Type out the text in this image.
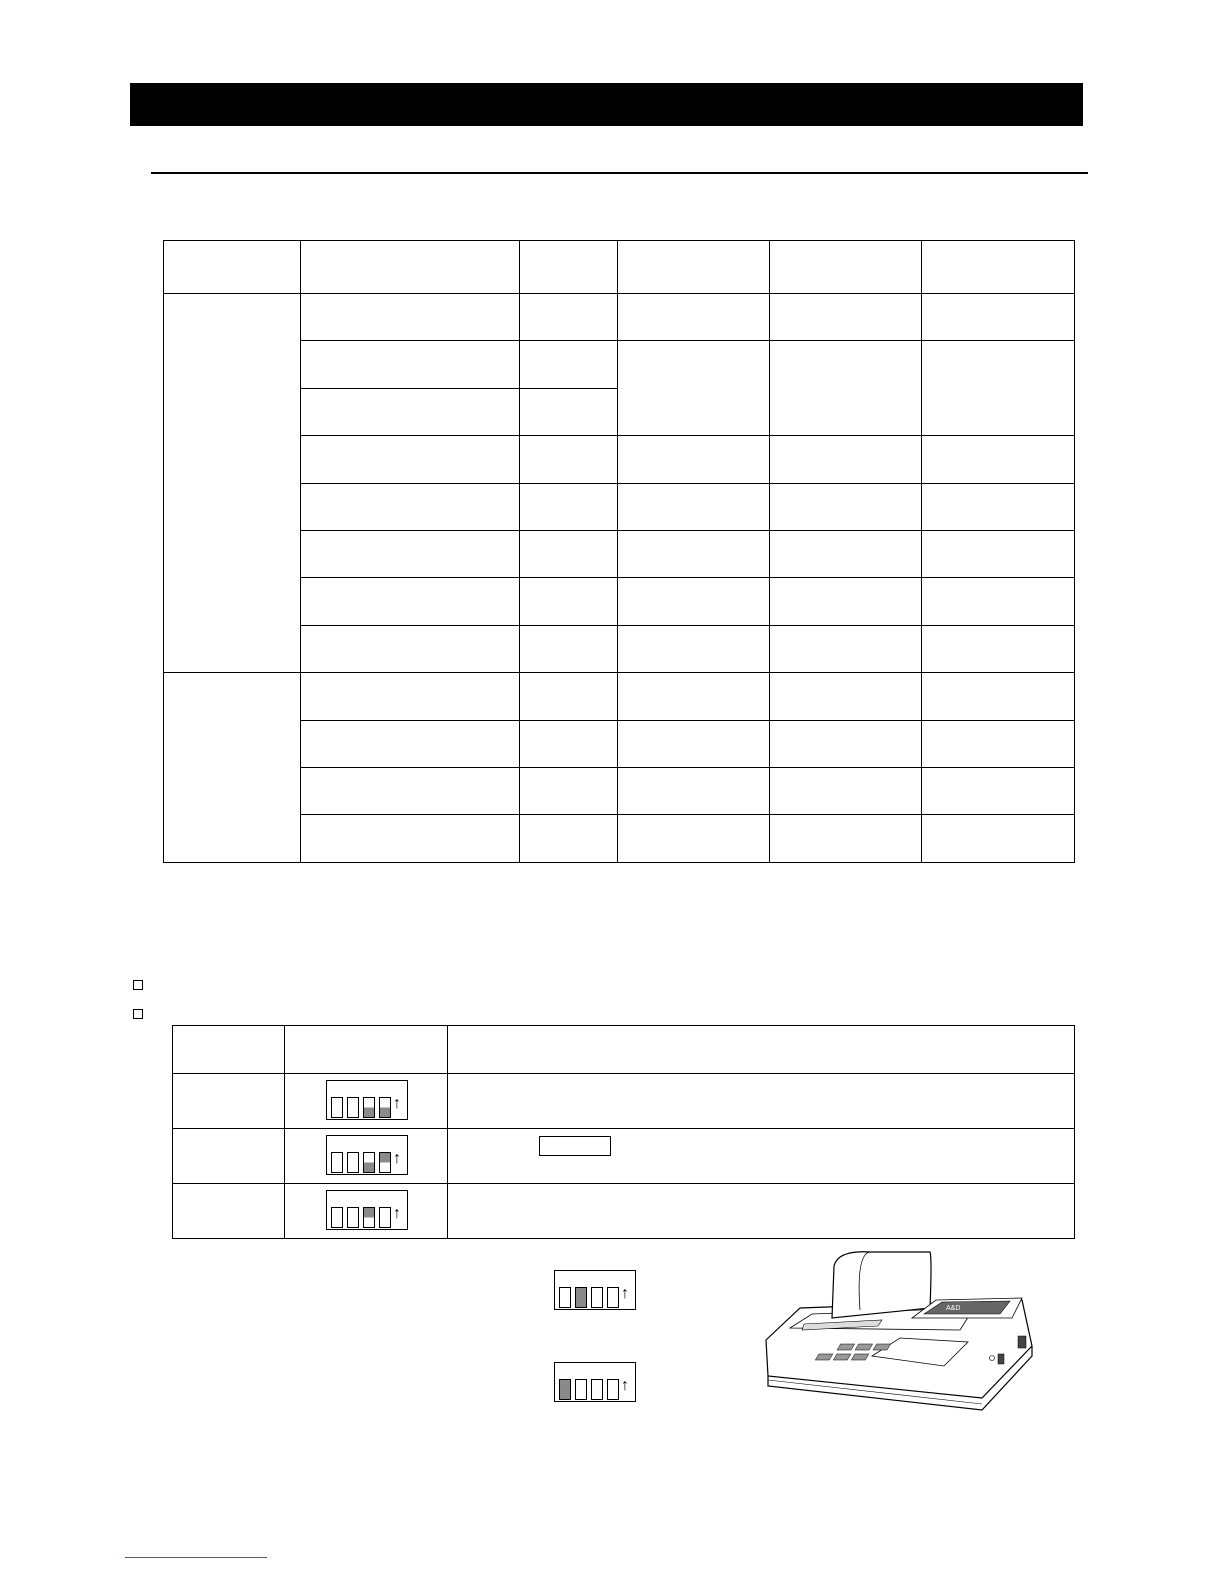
	↑	

	↑	

	↑	

↑
↑
A&D
